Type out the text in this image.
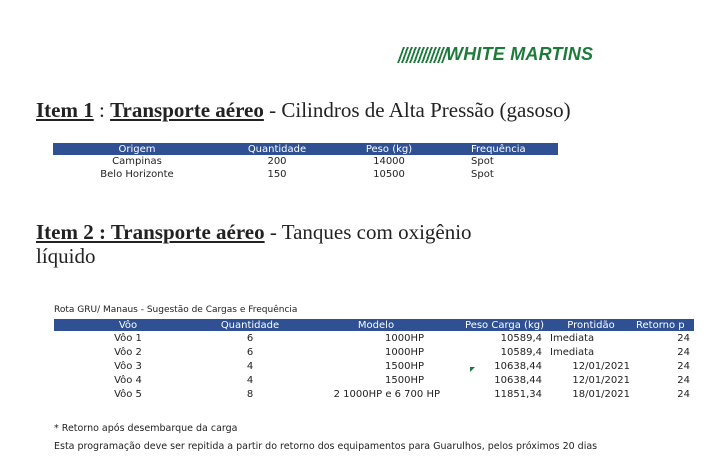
WHITE MARTINS
Item 1 : Transporte aéreo - Cilindros de Alta Pressão (gasoso)
Origem	Quantidade	Peso (kg)	Frequência
Campinas	200	14000	Spot
Belo Horizonte	150	10500	Spot
Item 2 : Transporte aéreo - Tanques com oxigênio
líquido
Rota GRU/ Manaus - Sugestão de Cargas e Frequência
Vôo	Quantidade	Modelo	Peso Carga (kg)	Prontidão	Retorno p
Vôo 1	6	1000HP	10589,4	Imediata	24
Vôo 2	6	1000HP	10589,4	Imediata	24
Vôo 3	4	1500HP	10638,44	12/01/2021	24
Vôo 4	4	1500HP	10638,44	12/01/2021	24
Vôo 5	8	2 1000HP e 6 700 HP	11851,34	18/01/2021	24
* Retorno após desembarque da carga
Esta programação deve ser repitida a partir do retorno dos equipamentos para Guarulhos, pelos próximos 20 dias
